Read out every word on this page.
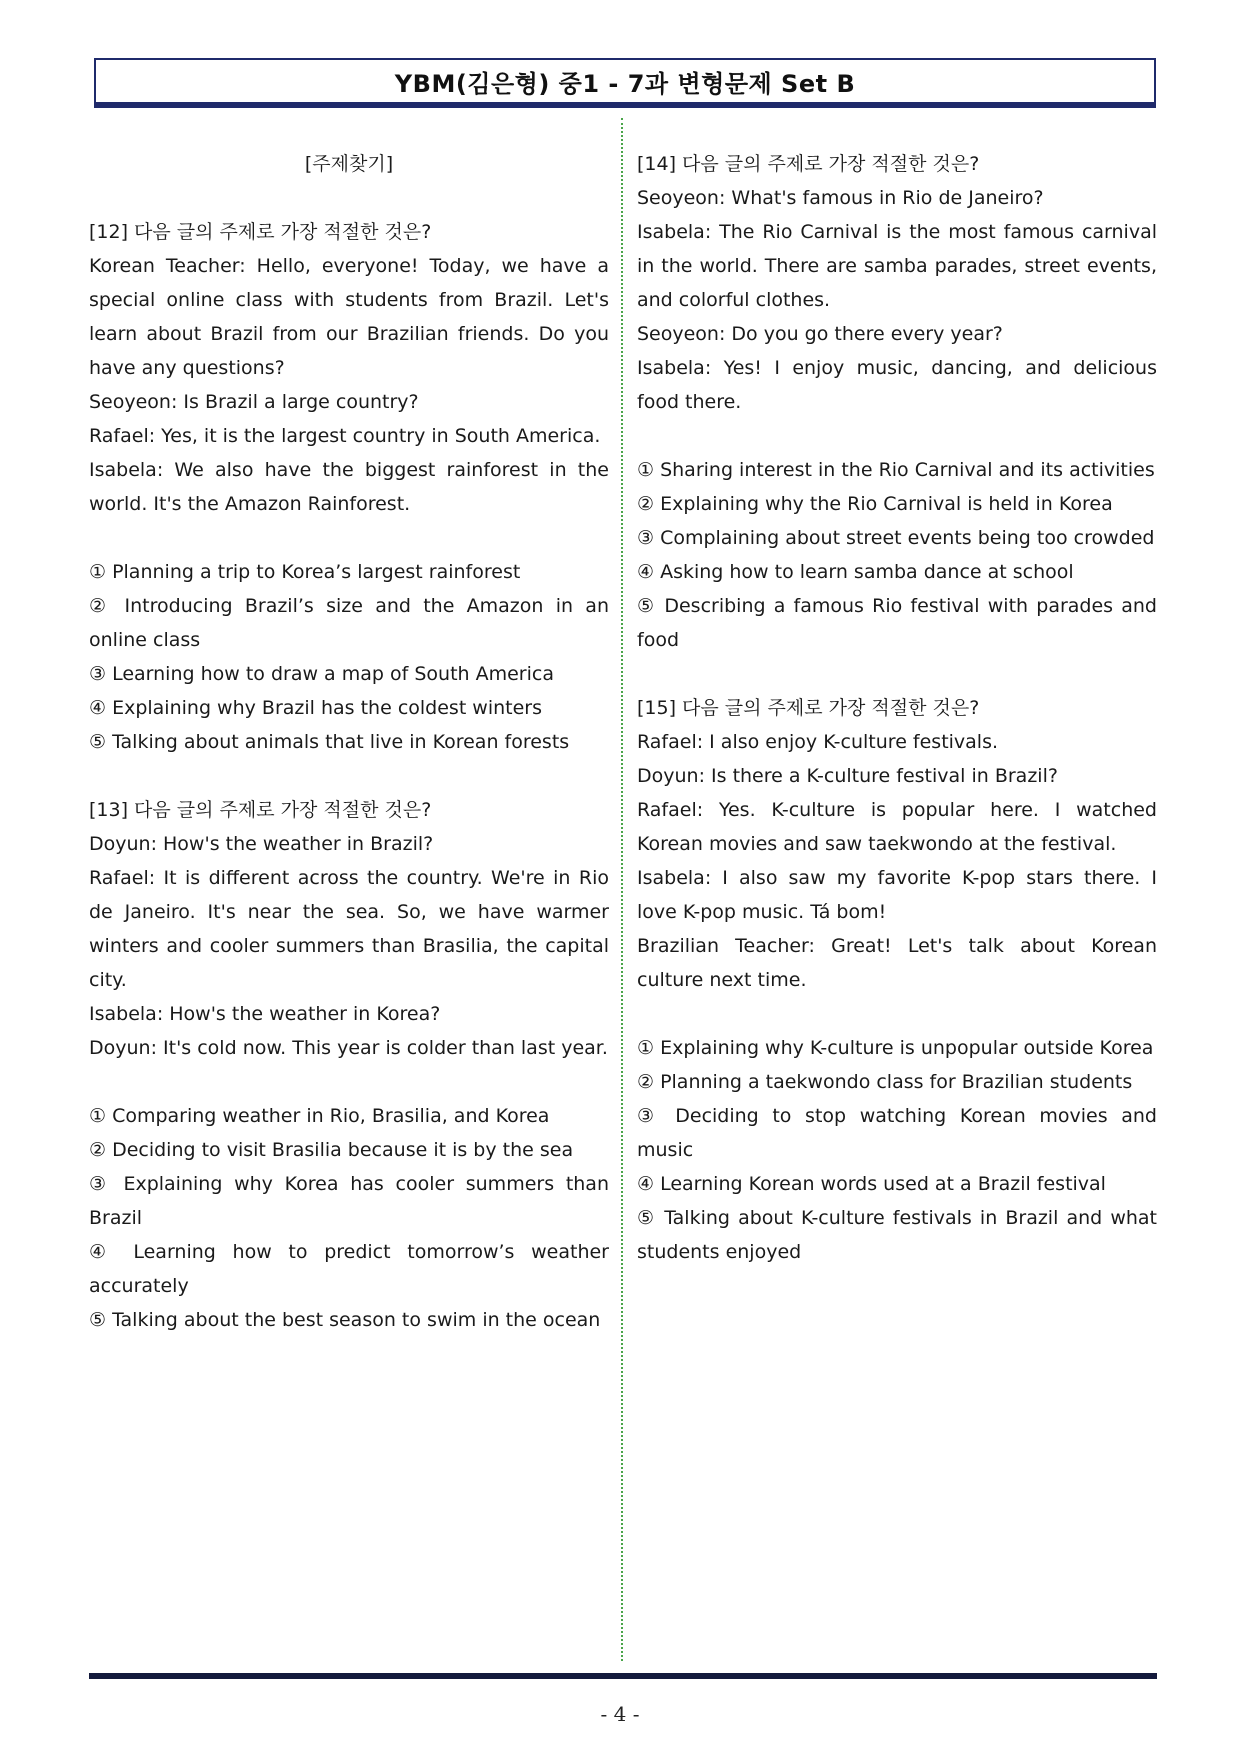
YBM(김은형) 중1 - 7과 변형문제 Set B

[주제찾기]

[12] 다음 글의 주제로 가장 적절한 것은?

Korean Teacher: Hello, everyone! Today, we have a special online class with students from Brazil. Let's learn about Brazil from our Brazilian friends. Do you have any questions?

Seoyeon: Is Brazil a large country?

Rafael: Yes, it is the largest country in South America.

Isabela: We also have the biggest rainforest in the world. It's the Amazon Rainforest.

① Planning a trip to Korea’s largest rainforest

② Introducing Brazil’s size and the Amazon in an online class

③ Learning how to draw a map of South America

④ Explaining why Brazil has the coldest winters

⑤ Talking about animals that live in Korean forests

[13] 다음 글의 주제로 가장 적절한 것은?

Doyun: How's the weather in Brazil?

Rafael: It is different across the country. We're in Rio de Janeiro. It's near the sea. So, we have warmer winters and cooler summers than Brasilia, the capital city.

Isabela: How's the weather in Korea?

Doyun: It's cold now. This year is colder than last year.

① Comparing weather in Rio, Brasilia, and Korea

② Deciding to visit Brasilia because it is by the sea

③ Explaining why Korea has cooler summers than Brazil

④ Learning how to predict tomorrow’s weather accurately

⑤ Talking about the best season to swim in the ocean

[14] 다음 글의 주제로 가장 적절한 것은?

Seoyeon: What's famous in Rio de Janeiro?

Isabela: The Rio Carnival is the most famous carnival in the world. There are samba parades, street events, and colorful clothes.

Seoyeon: Do you go there every year?

Isabela: Yes! I enjoy music, dancing, and delicious food there.

① Sharing interest in the Rio Carnival and its activities

② Explaining why the Rio Carnival is held in Korea

③ Complaining about street events being too crowded

④ Asking how to learn samba dance at school

⑤ Describing a famous Rio festival with parades and food

[15] 다음 글의 주제로 가장 적절한 것은?

Rafael: I also enjoy K-culture festivals.

Doyun: Is there a K-culture festival in Brazil?

Rafael: Yes. K-culture is popular here. I watched Korean movies and saw taekwondo at the festival.

Isabela: I also saw my favorite K-pop stars there. I love K-pop music. Tá bom!

Brazilian Teacher: Great! Let's talk about Korean culture next time.

① Explaining why K-culture is unpopular outside Korea

② Planning a taekwondo class for Brazilian students

③ Deciding to stop watching Korean movies and music

④ Learning Korean words used at a Brazil festival

⑤ Talking about K-culture festivals in Brazil and what students enjoyed

- 4 -
